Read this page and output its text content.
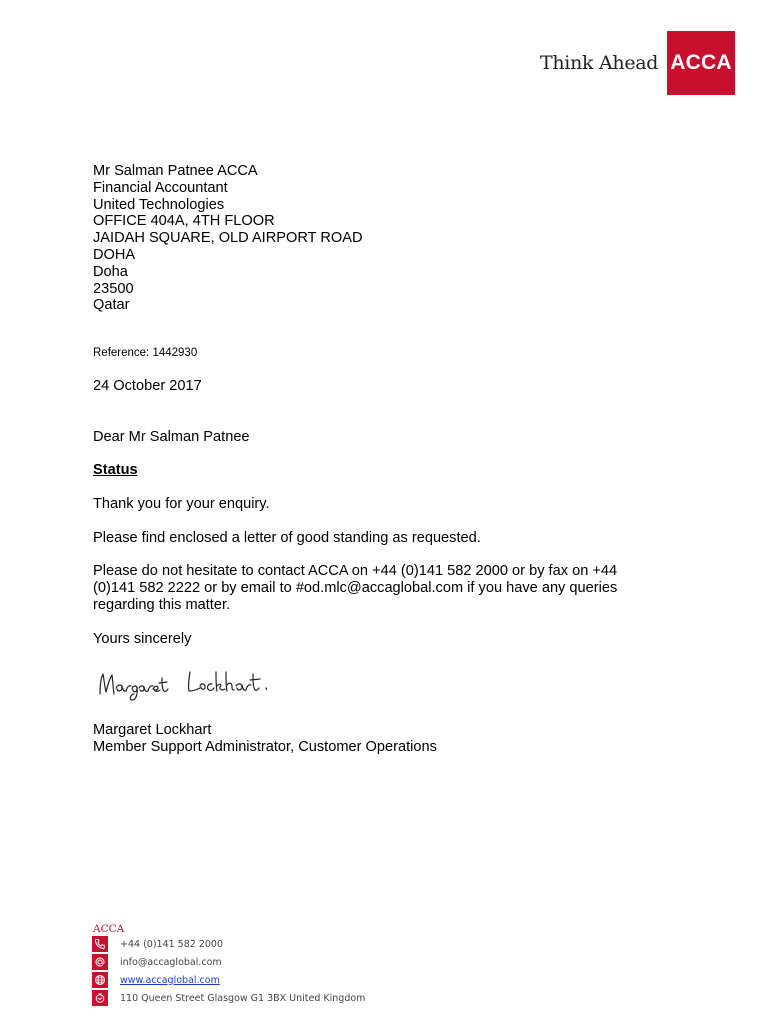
Think Ahead ACCA
Mr Salman Patnee ACCA
Financial Accountant
United Technologies
OFFICE 404A, 4TH FLOOR
JAIDAH SQUARE, OLD AIRPORT ROAD
DOHA
Doha
23500
Qatar
Reference: 1442930
24 October 2017
Dear Mr Salman Patnee
Status
Thank you for your enquiry.
Please find enclosed a letter of good standing as requested.
Please do not hesitate to contact ACCA on +44 (0)141 582 2000 or by fax on +44 (0)141 582 2222 or by email to #od.mlc@accaglobal.com if you have any queries regarding this matter.
Yours sincerely
Margaret Lockhart
Member Support Administrator, Customer Operations
ACCA
+44 (0)141 582 2000
info@accaglobal.com
www.accaglobal.com
110 Queen Street Glasgow G1 3BX United Kingdom
